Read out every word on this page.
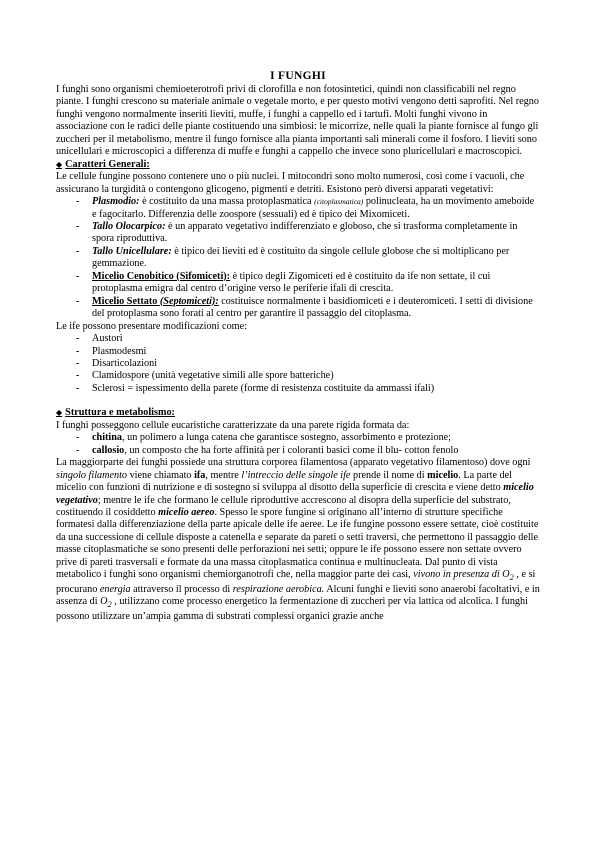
I FUNGHI

I funghi sono organismi chemioeterotrofi privi di clorofilla e non fotosintetici, quindi non classificabili nel regno piante. I funghi crescono su materiale animale o vegetale morto, e per questo motivi vengono detti saprofiti. Nel regno funghi vengono normalmente inseriti lieviti, muffe, i funghi a cappello ed i tartufi. Molti funghi vivono in associazione con le radici delle piante costituendo una simbiosi: le micorrize, nelle quali la piante fornisce al fungo gli zuccheri per il metabolismo, mentre il fungo fornisce alla pianta importanti sali minerali come il fosforo. I lieviti sono unicellulari e microscopici a differenza di muffe e funghi a cappello che invece sono pluricellulari e macroscopici.

◆ Caratteri Generali:

Le cellule fungine possono contenere uno o più nuclei. I mitocondri sono molto numerosi, così come i vacuoli, che assicurano la turgidità o contengono glicogeno, pigmenti e detriti. Esistono però diversi apparati vegetativi:

- Plasmodio: è costituito da una massa protoplasmatica (citoplasmatica) polinucleata, ha un movimento ameboide e fagocitarlo. Differenzia delle zoospore (sessuali) ed è tipico dei Mixomiceti.
- Tallo Olocarpico: è un apparato vegetativo indifferenziato e globoso, che si trasforma completamente in spora riproduttiva.
- Tallo Unicellulare: è tipico dei lieviti ed è costituito da singole cellule globose che si moltiplicano per gemmazione.
- Micelio Cenobitico (Sifomiceti): è tipico degli Zigomiceti ed è costituito da ife non settate, il cui protoplasma emigra dal centro d’origine verso le periferie ifali di crescita.
- Micelio Settato (Septomiceti): costituisce normalmente i basidiomiceti e i deuteromiceti. I setti di divisione del protoplasma sono forati al centro per garantire il passaggio del citoplasma.

Le ife possono presentare modificazioni come:

- Austori
- Plasmodesmi
- Disarticolazioni
- Clamidospore (unità vegetative simili alle spore batteriche)
- Sclerosi = ispessimento della parete (forme di resistenza costituite da ammassi ifali)
◆ Struttura e metabolismo:

I funghi posseggono cellule eucaristiche caratterizzate da una parete rigida formata da:

- chitina, un polimero a lunga catena che garantisce sostegno, assorbimento e protezione;
- callosio, un composto che ha forte affinità per i coloranti basici come il blu- cotton fenolo

La maggiorparte dei funghi possiede una struttura corporea filamentosa (apparato vegetativo filamentoso) dove ogni singolo filamento viene chiamato ifa, mentre l’intreccio delle singole ife prende il nome di micelio. La parte del micelio con funzioni di nutrizione e di sostegno si sviluppa al disotto della superficie di crescita e viene detto micelio vegetativo; mentre le ife che formano le cellule riproduttive accrescono al disopra della superficie del substrato, costituendo il cosiddetto micelio aereo. Spesso le spore fungine si originano all’interno di strutture specifiche formatesi dalla differenziazione della parte apicale delle ife aeree. Le ife fungine possono essere settate, cioè costituite da una successione di cellule disposte a catenella e separate da pareti o setti traversi, che permettono il passaggio delle masse citoplasmatiche se sono presenti delle perforazioni nei setti; oppure le ife possono essere non settate ovvero prive di pareti trasversali e formate da una massa citoplasmatica continua e multinucleata. Dal punto di vista metabolico i funghi sono organismi chemiorganotrofi che, nella maggior parte dei casi, vivono in presenza di $O_2$ , e si procurano energia attraverso il processo di respirazione aerobica. Alcuni funghi e lieviti sono anaerobi facoltativi, e in assenza di $O_2$ , utilizzano come processo energetico la fermentazione di zuccheri per via lattica od alcolica. I funghi possono utilizzare un’ampia gamma di substrati complessi organici grazie anche
